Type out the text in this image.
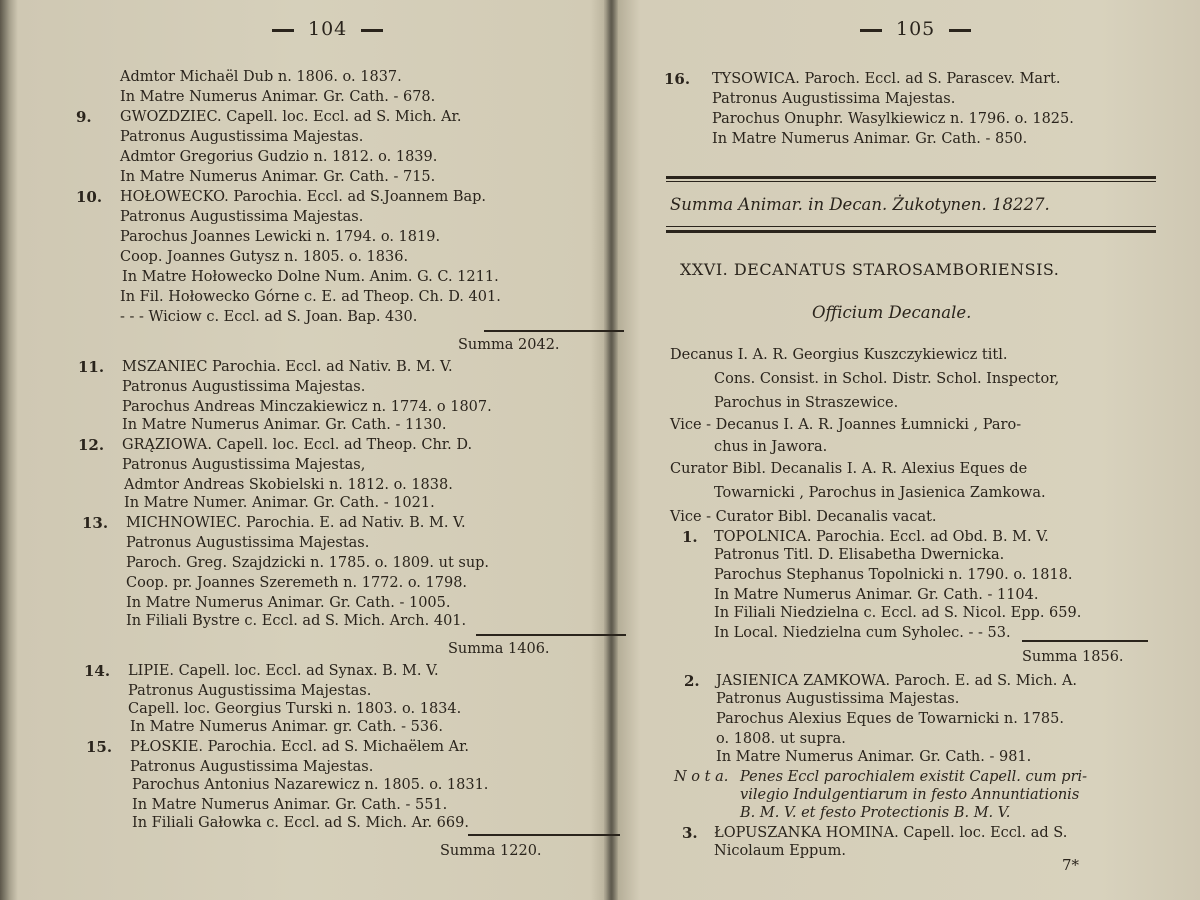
104
Admtor Michaël Dub n. 1806. o. 1837.
In Matre Numerus Animar. Gr. Cath. - 678.
9. GWOZDZIEC. Capell. loc. Eccl. ad S. Mich. Ar.
Patronus Augustissima Majestas.
Admtor Gregorius Gudzio n. 1812. o. 1839.
In Matre Numerus Animar. Gr. Cath. - 715.
10. HOŁOWECKO. Parochia. Eccl. ad S.Joannem Bap.
Patronus Augustissima Majestas.
Parochus Joannes Lewicki n. 1794. o. 1819.
Coop. Joannes Gutysz n. 1805. o. 1836.
In Matre Hołowecko Dolne Num. Anim. G. C. 1211.
In Fil. Hołowecko Górne c. E. ad Theop. Ch. D. 401.
- - - Wiciow c. Eccl. ad S. Joan. Bap. 430.
Summa 2042.
11. MSZANIEC Parochia. Eccl. ad Nativ. B. M. V.
Patronus Augustissima Majestas.
Parochus Andreas Minczakiewicz n. 1774. o 1807.
In Matre Numerus Animar. Gr. Cath. - 1130.
12. GRĄZIOWA. Capell. loc. Eccl. ad Theop. Chr. D.
Patronus Augustissima Majestas,
Admtor Andreas Skobielski n. 1812. o. 1838.
In Matre Numer. Animar. Gr. Cath. - 1021.
13. MICHNOWIEC. Parochia. E. ad Nativ. B. M. V.
Patronus Augustissima Majestas.
Paroch. Greg. Szajdzicki n. 1785. o. 1809. ut sup.
Coop. pr. Joannes Szeremeth n. 1772. o. 1798.
In Matre Numerus Animar. Gr. Cath. - 1005.
In Filiali Bystre c. Eccl. ad S. Mich. Arch. 401.
Summa 1406.
14. LIPIE. Capell. loc. Eccl. ad Synax. B. M. V.
Patronus Augustissima Majestas.
Capell. loc. Georgius Turski n. 1803. o. 1834.
In Matre Numerus Animar. gr. Cath. - 536.
15. PŁOSKIE. Parochia. Eccl. ad S. Michaëlem Ar.
Patronus Augustissima Majestas.
Parochus Antonius Nazarewicz n. 1805. o. 1831.
In Matre Numerus Animar. Gr. Cath. - 551.
In Filiali Gałowka c. Eccl. ad S. Mich. Ar. 669.
Summa 1220.
105
16. TYSOWICA. Paroch. Eccl. ad S. Parascev. Mart.
Patronus Augustissima Majestas.
Parochus Onuphr. Wasylkiewicz n. 1796. o. 1825.
In Matre Numerus Animar. Gr. Cath. - 850.
Summa Animar. in Decan. Żukotynen. 18227.
XXVI. DECANATUS STAROSAMBORIENSIS.
Officium Decanale.
Decanus I. A. R. Georgius Kuszczykiewicz titl.
Cons. Consist. in Schol. Distr. Schol. Inspector,
Parochus in Straszewice.
Vice - Decanus I. A. R. Joannes Łumnicki , Paro-
chus in Jawora.
Curator Bibl. Decanalis I. A. R. Alexius Eques de
Towarnicki , Parochus in Jasienica Zamkowa.
Vice - Curator Bibl. Decanalis vacat.
1. TOPOLNICA. Parochia. Eccl. ad Obd. B. M. V.
Patronus Titl. D. Elisabetha Dwernicka.
Parochus Stephanus Topolnicki n. 1790. o. 1818.
In Matre Numerus Animar. Gr. Cath. - 1104.
In Filiali Niedzielna c. Eccl. ad S. Nicol. Epp. 659.
In Local. Niedzielna cum Syholec. - - 53.
Summa 1856.
2. JASIENICA ZAMKOWA. Paroch. E. ad S. Mich. A.
Patronus Augustissima Majestas.
Parochus Alexius Eques de Towarnicki n. 1785.
o. 1808. ut supra.
In Matre Numerus Animar. Gr. Cath. - 981.
N o t a. Penes Eccl parochialem existit Capell. cum pri-
vilegio Indulgentiarum in festo Annuntiationis
B. M. V. et festo Protectionis B. M. V.
3. ŁOPUSZANKA HOMINA. Capell. loc. Eccl. ad S.
Nicolaum Eppum.
7*
